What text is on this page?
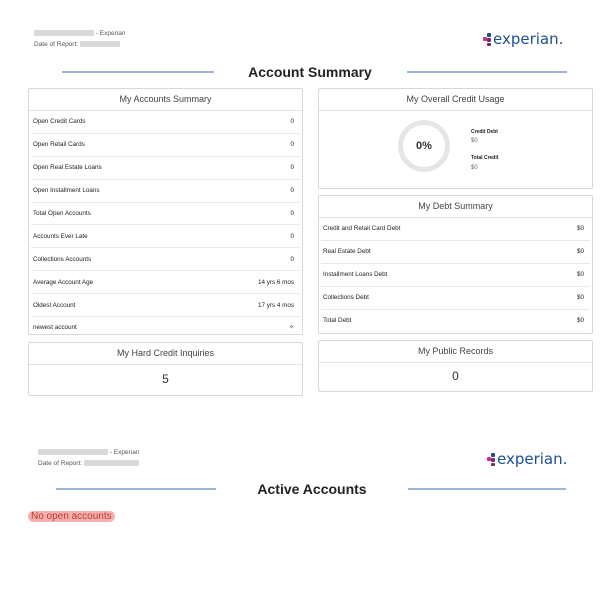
- Experian
Date of Report:	experian.
Account Summary
My Accounts Summary
Open Credit Cards	0
Open Retail Cards	0
Open Real Estate Loans	0
Open Installment Loans	0
Total Open Accounts	0
Accounts Ever Late	0
Collections Accounts	0
Average Account Age	14 yrs 6 mos
Oldest Account	17 yrs 4 mos
newest account	✧
My Overall Credit Usage
0%
Credit Debt
$0
Total Credit
$0
My Debt Summary
Credit and Retail Card Debt	$0
Real Estate Debt	$0
Installment Loans Debt	$0
Collections Debt	$0
Total Debt	$0
My Hard Credit Inquiries
5
My Public Records
0
- Experian
Date of Report:	experian.
Active Accounts
No open accounts
